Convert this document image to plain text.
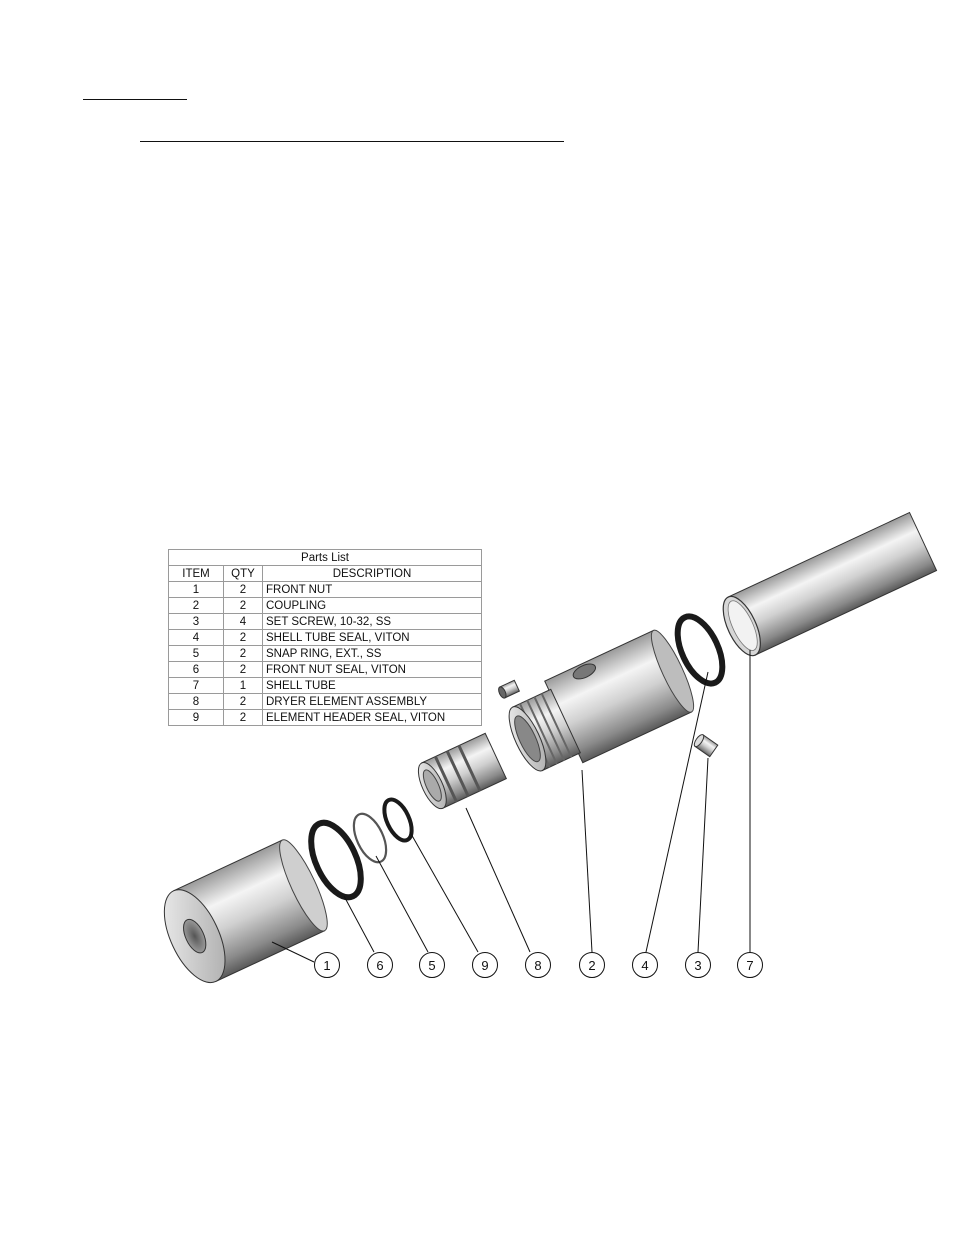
1	6	5	9	8	2	4	3	7
Parts List		
ITEM	QTY	DESCRIPTION
1	2	FRONT NUT
2	2	COUPLING
3	4	SET SCREW, 10-32, SS
4	2	SHELL TUBE SEAL, VITON
5	2	SNAP RING, EXT., SS
6	2	FRONT NUT SEAL, VITON
7	1	SHELL TUBE
8	2	DRYER ELEMENT ASSEMBLY
9	2	ELEMENT HEADER SEAL, VITON
